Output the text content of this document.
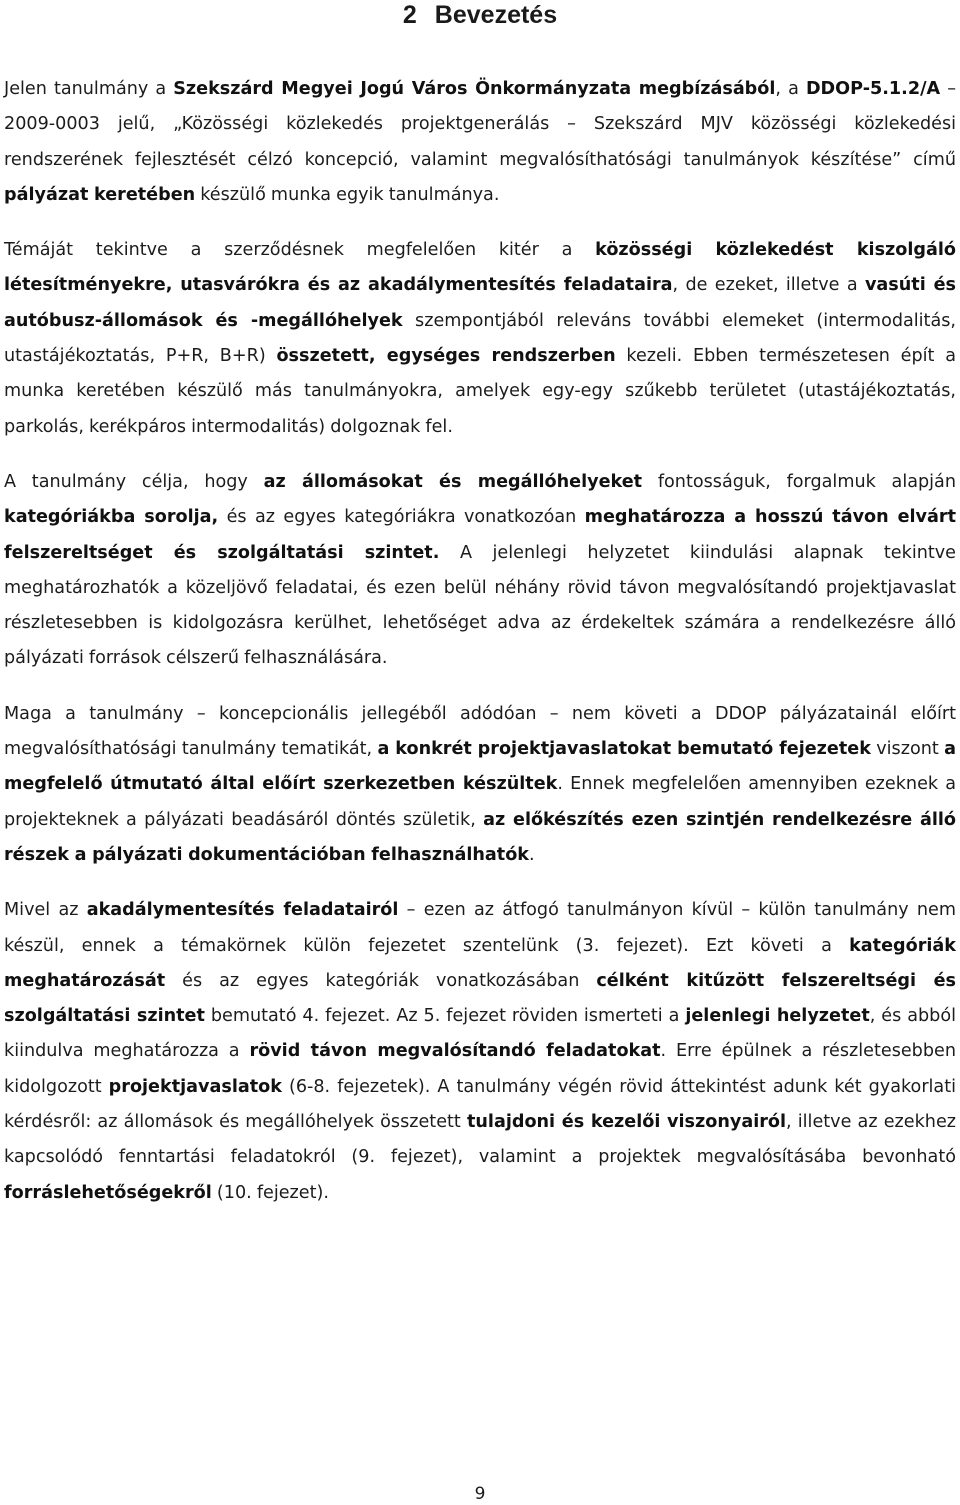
2 Bevezetés

Jelen tanulmány a Szekszárd Megyei Jogú Város Önkormányzata megbízásából, a DDOP-5.1.2/A – 2009-0003 jelű, „Közösségi közlekedés projektgenerálás – Szekszárd MJV közösségi közlekedési rendszerének fejlesztését célzó koncepció, valamint megvalósíthatósági tanulmányok készítése” című pályázat keretében készülő munka egyik tanulmánya.

Témáját tekintve a szerződésnek megfelelően kitér a közösségi közlekedést kiszolgáló létesítményekre, utasvárókra és az akadálymentesítés feladataira, de ezeket, illetve a vasúti és autóbusz-állomások és -megállóhelyek szempontjából releváns további elemeket (intermodalitás, utastájékoztatás, P+R, B+R) összetett, egységes rendszerben kezeli. Ebben természetesen épít a munka keretében készülő más tanulmányokra, amelyek egy-egy szűkebb területet (utastájékoztatás, parkolás, kerékpáros intermodalitás) dolgoznak fel.

A tanulmány célja, hogy az állomásokat és megállóhelyeket fontosságuk, forgalmuk alapján kategóriákba sorolja, és az egyes kategóriákra vonatkozóan meghatározza a hosszú távon elvárt felszereltséget és szolgáltatási szintet. A jelenlegi helyzetet kiindulási alapnak tekintve meghatározhatók a közeljövő feladatai, és ezen belül néhány rövid távon megvalósítandó projektjavaslat részletesebben is kidolgozásra kerülhet, lehetőséget adva az érdekeltek számára a rendelkezésre álló pályázati források célszerű felhasználására.

Maga a tanulmány – koncepcionális jellegéből adódóan – nem követi a DDOP pályázatainál előírt megvalósíthatósági tanulmány tematikát, a konkrét projektjavaslatokat bemutató fejezetek viszont a megfelelő útmutató által előírt szerkezetben készültek. Ennek megfelelően amennyiben ezeknek a projekteknek a pályázati beadásáról döntés születik, az előkészítés ezen szintjén rendelkezésre álló részek a pályázati dokumentációban felhasználhatók.

Mivel az akadálymentesítés feladatairól – ezen az átfogó tanulmányon kívül – külön tanulmány nem készül, ennek a témakörnek külön fejezetet szentelünk (3. fejezet). Ezt követi a kategóriák meghatározását és az egyes kategóriák vonatkozásában célként kitűzött felszereltségi és szolgáltatási szintet bemutató 4. fejezet. Az 5. fejezet röviden ismerteti a jelenlegi helyzetet, és abból kiindulva meghatározza a rövid távon megvalósítandó feladatokat. Erre épülnek a részletesebben kidolgozott projektjavaslatok (6-8. fejezetek). A tanulmány végén rövid áttekintést adunk két gyakorlati kérdésről: az állomások és megállóhelyek összetett tulajdoni és kezelői viszonyairól, illetve az ezekhez kapcsolódó fenntartási feladatokról (9. fejezet), valamint a projektek megvalósításába bevonható forráslehetőségekről (10. fejezet).

9
